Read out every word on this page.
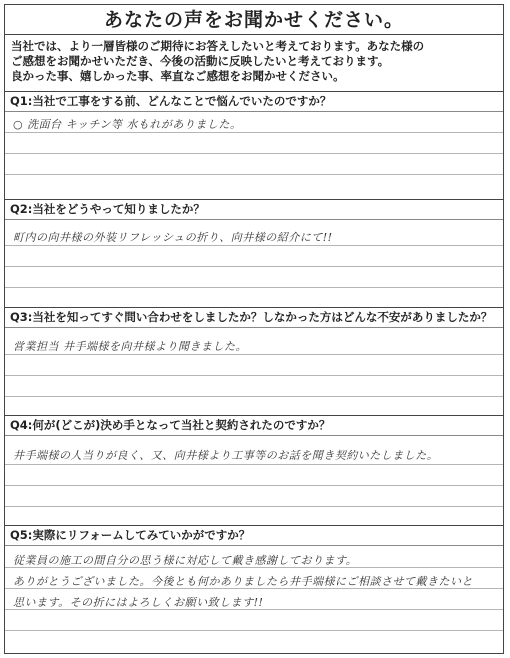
あなたの声をお聞かせください。
当社では、より一層皆様のご期待にお答えしたいと考えております。あなた様の
ご感想をお聞かせいただき、今後の活動に反映したいと考えております。
良かった事、嬉しかった事、率直なご感想をお聞かせください。
Q1:当社で工事をする前、どんなことで悩んでいたのですか？
○ 洗面台 キッチン等 水もれがありました。
Q2:当社をどうやって知りましたか？
町内の向井様の外装リフレッシュの折り、向井様の紹介にて!!
Q3:当社を知ってすぐ問い合わせをしましたか？しなかった方はどんな不安がありましたか？
営業担当 井手端様を向井様より聞きました。
Q4:何が(どこが)決め手となって当社と契約されたのですか？
井手端様の人当りが良く、又、向井様より工事等のお話を聞き契約いたしました。
Q5:実際にリフォームしてみていかがですか？
従業員の施工の間自分の思う様に対応して戴き感謝しております。
ありがとうございました。今後とも何かありましたら井手端様にご相談させて戴きたいと
思います。その折にはよろしくお願い致します!!
